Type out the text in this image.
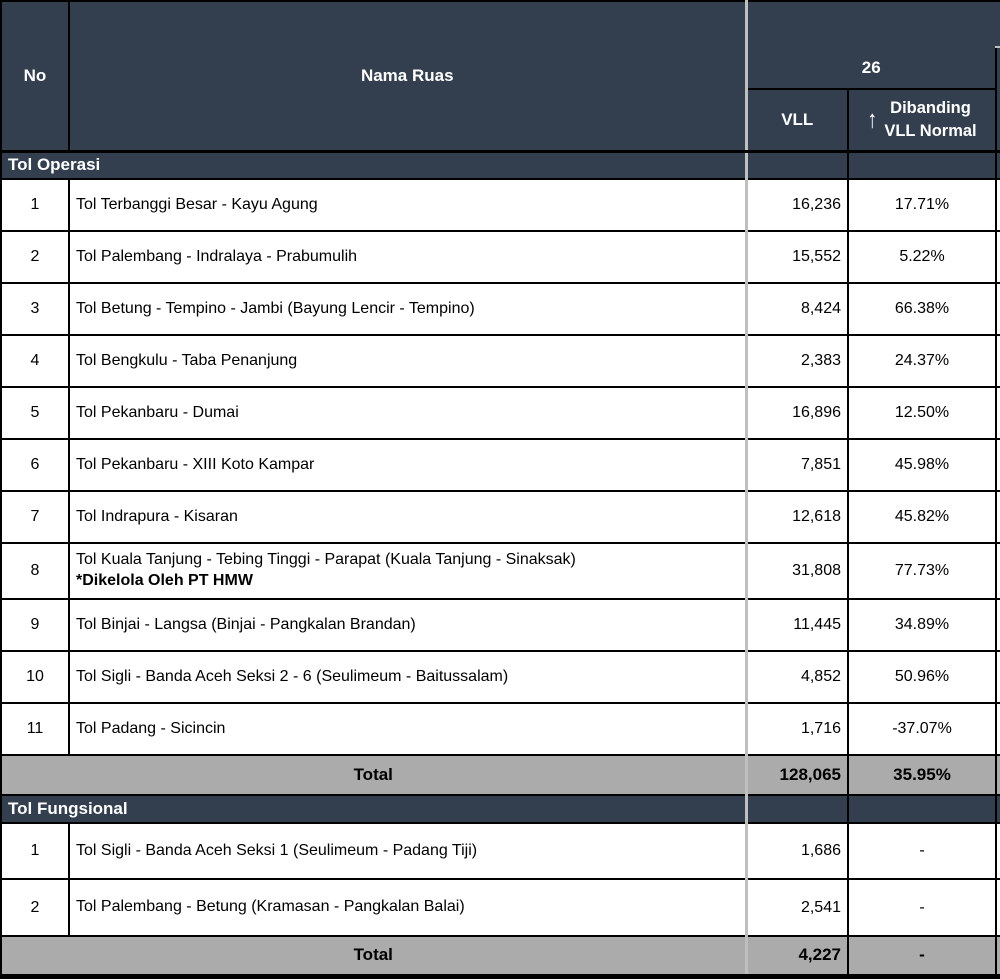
No	Nama Ruas			
		26		
		VLL	↑ Dibanding
VLL Normal	

Tol Operasi				
1	Tol Terbanggi Besar - Kayu Agung	16,236	17.71%	
2	Tol Palembang - Indralaya - Prabumulih	15,552	5.22%	
3	Tol Betung - Tempino - Jambi (Bayung Lencir - Tempino)	8,424	66.38%	
4	Tol Bengkulu - Taba Penanjung	2,383	24.37%	
5	Tol Pekanbaru - Dumai	16,896	12.50%	
6	Tol Pekanbaru - XIII Koto Kampar	7,851	45.98%	
7	Tol Indrapura - Kisaran	12,618	45.82%	
8	Tol Kuala Tanjung - Tebing Tinggi - Parapat (Kuala Tanjung - Sinaksak)
*Dikelola Oleh PT HMW	31,808	77.73%	
9	Tol Binjai - Langsa (Binjai - Pangkalan Brandan)	11,445	34.89%	
10	Tol Sigli - Banda Aceh Seksi 2 - 6 (Seulimeum - Baitussalam)	4,852	50.96%	
11	Tol Padang - Sicincin	1,716	-37.07%	
Total		128,065	35.95%	
Tol Fungsional				
1	Tol Sigli - Banda Aceh Seksi 1 (Seulimeum - Padang Tiji)	1,686	-	
2	Tol Palembang - Betung (Kramasan - Pangkalan Balai)	2,541	-	
Total		4,227	-	
